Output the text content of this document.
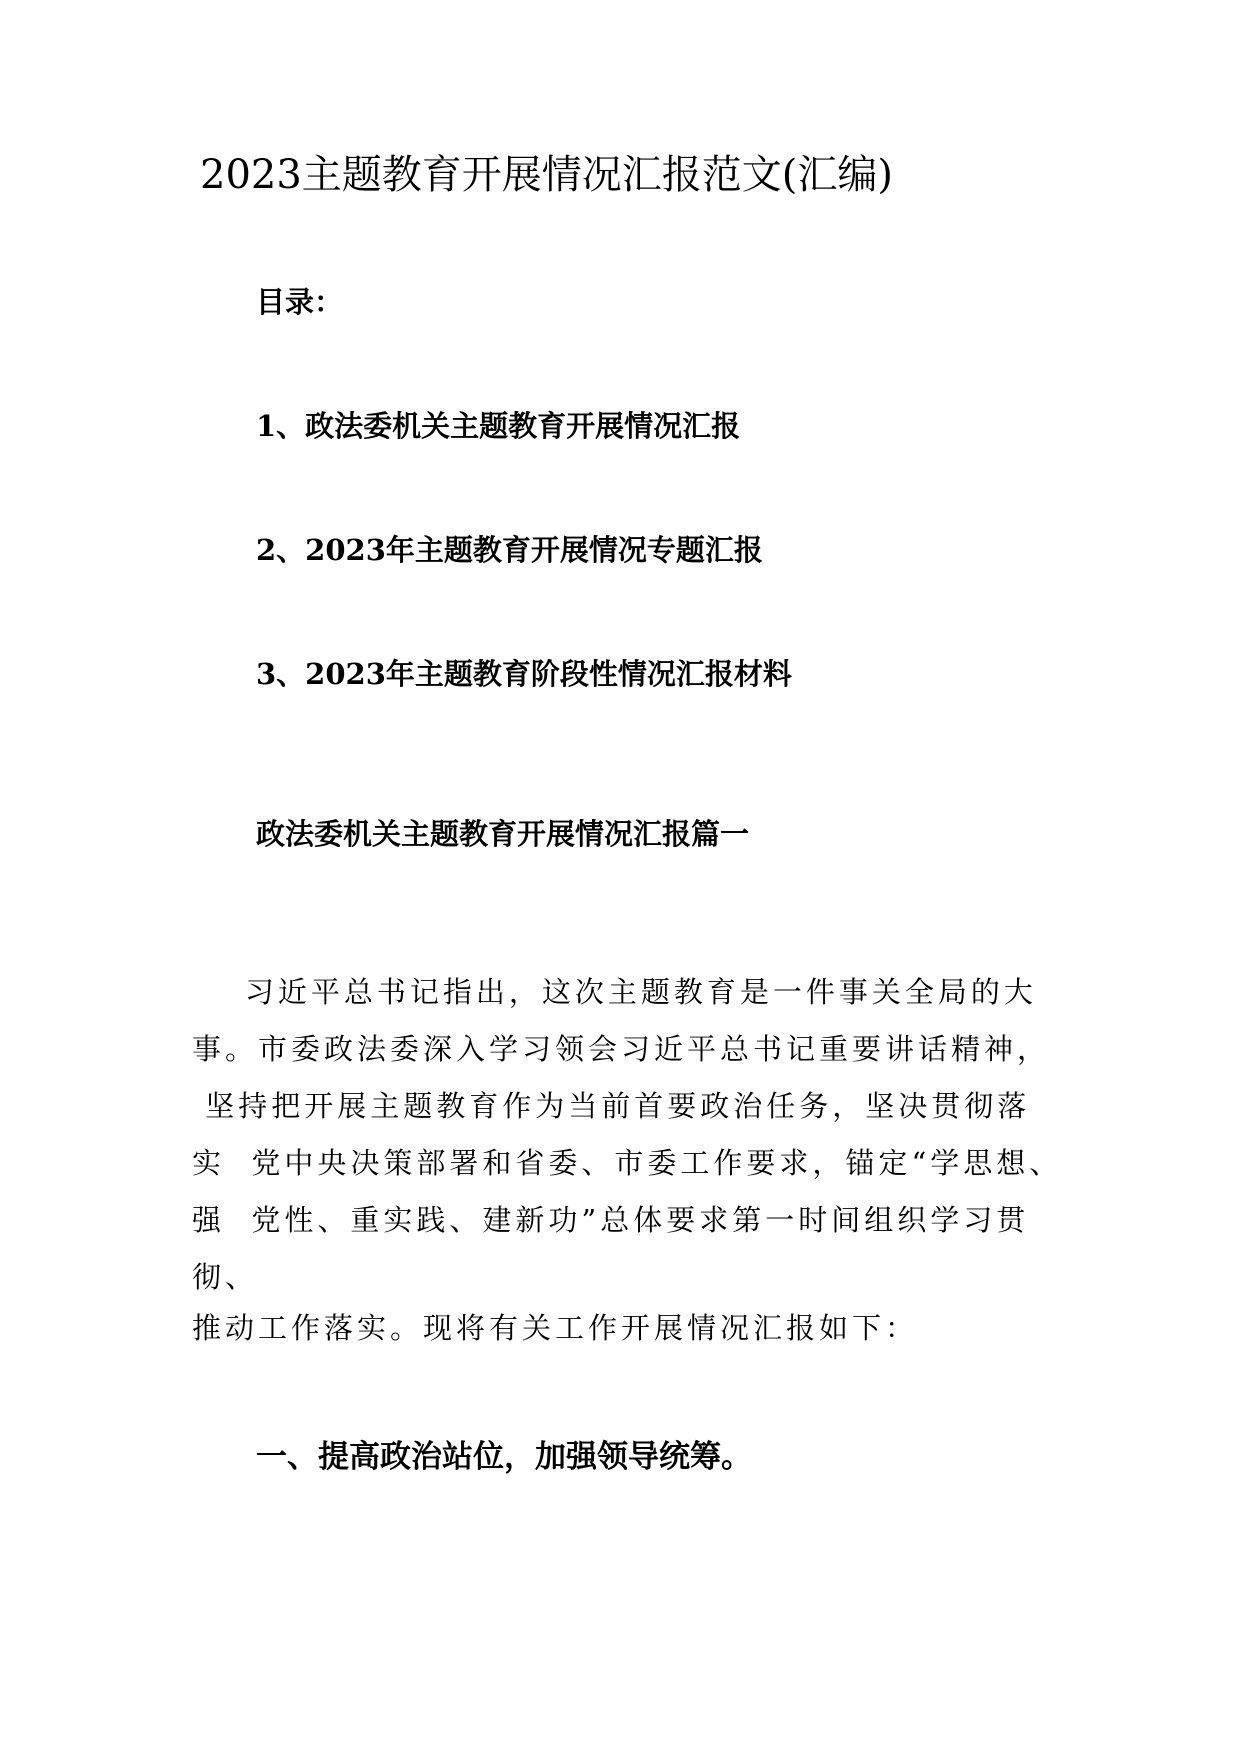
2023主题教育开展情况汇报范文(汇编)
目录：
1、政法委机关主题教育开展情况汇报
2、2023年主题教育开展情况专题汇报
3、2023年主题教育阶段性情况汇报材料
政法委机关主题教育开展情况汇报篇一
习近平总书记指出，这次主题教育是一件事关全局的大
事。市委政法委深入学习领会习近平总书记重要讲话精神，
坚持把开展主题教育作为当前首要政治任务，坚决贯彻落
实  党中央决策部署和省委、市委工作要求，锚定“学思想、
强  党性、重实践、建新功”总体要求第一时间组织学习贯
彻、
推动工作落实。现将有关工作开展情况汇报如下：
一、提高政治站位，加强领导统筹。
